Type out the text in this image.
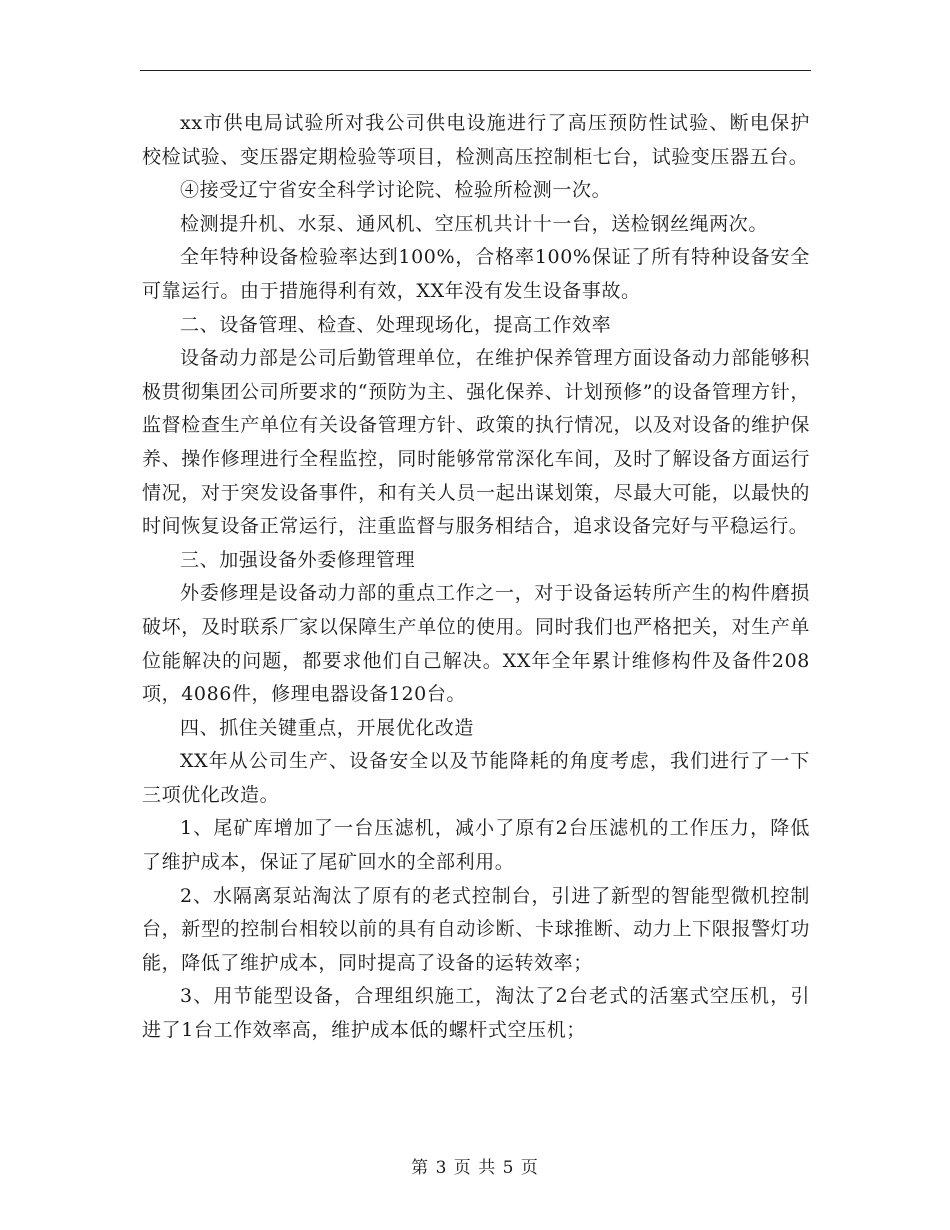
xx市供电局试验所对我公司供电设施进行了高压预防性试验、断电保护校检试验、变压器定期检验等项目，检测高压控制柜七台，试验变压器五台。

④接受辽宁省安全科学讨论院、检验所检测一次。

检测提升机、水泵、通风机、空压机共计十一台，送检钢丝绳两次。

全年特种设备检验率达到100%，合格率100%保证了所有特种设备安全可靠运行。由于措施得利有效，XX年没有发生设备事故。

二、设备管理、检查、处理现场化，提高工作效率

设备动力部是公司后勤管理单位，在维护保养管理方面设备动力部能够积极贯彻集团公司所要求的“预防为主、强化保养、计划预修”的设备管理方针，监督检查生产单位有关设备管理方针、政策的执行情况，以及对设备的维护保养、操作修理进行全程监控，同时能够常常深化车间，及时了解设备方面运行情况，对于突发设备事件，和有关人员一起出谋划策，尽最大可能，以最快的时间恢复设备正常运行，注重监督与服务相结合，追求设备完好与平稳运行。

三、加强设备外委修理管理

外委修理是设备动力部的重点工作之一，对于设备运转所产生的构件磨损破坏，及时联系厂家以保障生产单位的使用。同时我们也严格把关，对生产单位能解决的问题，都要求他们自己解决。XX年全年累计维修构件及备件208项，4086件，修理电器设备120台。

四、抓住关键重点，开展优化改造

XX年从公司生产、设备安全以及节能降耗的角度考虑，我们进行了一下三项优化改造。

1、尾矿库增加了一台压滤机，减小了原有2台压滤机的工作压力，降低了维护成本，保证了尾矿回水的全部利用。

2、水隔离泵站淘汰了原有的老式控制台，引进了新型的智能型微机控制台，新型的控制台相较以前的具有自动诊断、卡球推断、动力上下限报警灯功能，降低了维护成本，同时提高了设备的运转效率；

3、用节能型设备，合理组织施工，淘汰了2台老式的活塞式空压机，引进了1台工作效率高，维护成本低的螺杆式空压机；

第 3 页 共 5 页
